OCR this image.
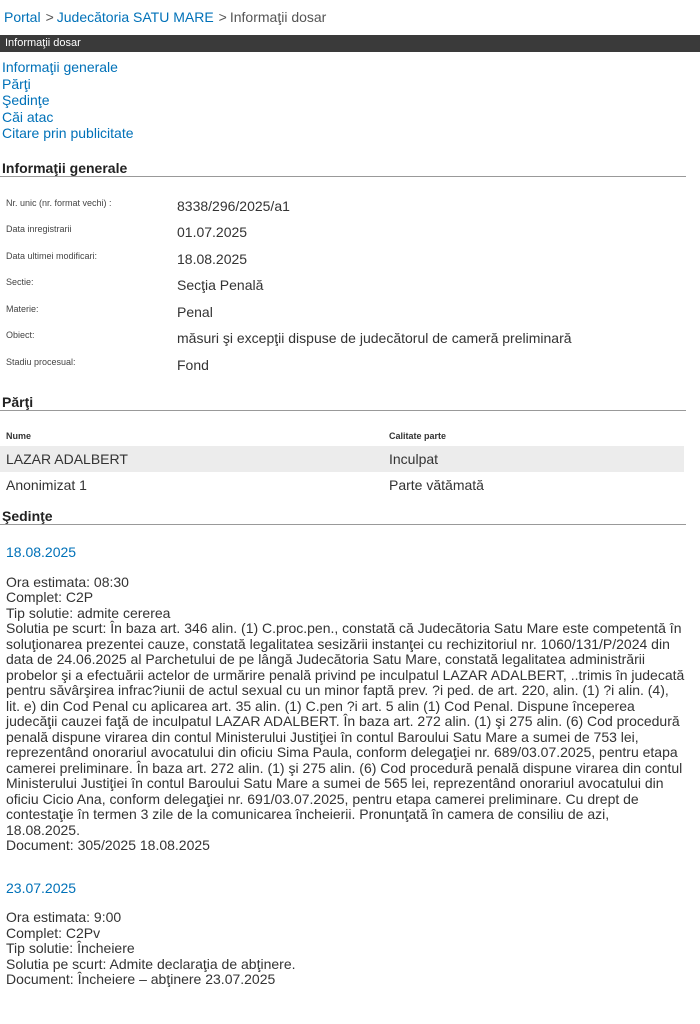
Portal > Judecătoria SATU MARE > Informaţii dosar
Informaţii dosar
Informaţii generale
Părţi
Şedinţe
Căi atac
Citare prin publicitate
Informaţii generale
Nr. unic (nr. format vechi) :	8338/296/2025/a1
Data inregistrarii	01.07.2025
Data ultimei modificari:	18.08.2025
Sectie:	Secţia Penală
Materie:	Penal
Obiect:	măsuri şi excepţii dispuse de judecătorul de cameră preliminară
Stadiu procesual:	Fond
Părţi
Nume	Calitate parte
LAZAR ADALBERT	Inculpat
Anonimizat 1	Parte vătămată
Şedinţe
18.08.2025
Ora estimata: 08:30
Complet: C2P
Tip solutie: admite cererea
Solutia pe scurt: În baza art. 346 alin. (1) C.proc.pen., constată că Judecătoria Satu Mare este competentă în soluţionarea prezentei cauze, constată legalitatea sesizării instanţei cu rechizitoriul nr. 1060/131/P/2024 din data de 24.06.2025 al Parchetului de pe lângă Judecătoria Satu Mare, constată legalitatea administrării probelor şi a efectuării actelor de urmărire penală privind pe inculpatul LAZAR ADALBERT, ..trimis în judecată pentru săvârşirea infrac?iunii de actul sexual cu un minor faptă prev. ?i ped. de art. 220, alin. (1) ?i alin. (4), lit. e) din Cod Penal cu aplicarea art. 35 alin. (1) C.pen ?i art. 5 alin (1) Cod Penal. Dispune începerea judecăţii cauzei faţă de inculpatul LAZAR ADALBERT. În baza art. 272 alin. (1) şi 275 alin. (6) Cod procedură penală dispune virarea din contul Ministerului Justiţiei în contul Baroului Satu Mare a sumei de 753 lei, reprezentând onorariul avocatului din oficiu Sima Paula, conform delegaţiei nr. 689/03.07.2025, pentru etapa camerei preliminare. În baza art. 272 alin. (1) şi 275 alin. (6) Cod procedură penală dispune virarea din contul Ministerului Justiţiei în contul Baroului Satu Mare a sumei de 565 lei, reprezentând onorariul avocatului din oficiu Cicio Ana, conform delegaţiei nr. 691/03.07.2025, pentru etapa camerei preliminare. Cu drept de contestaţie în termen 3 zile de la comunicarea încheierii. Pronunţată în camera de consiliu de azi, 18.08.2025.
Document: 305/2025 18.08.2025
23.07.2025
Ora estimata: 9:00
Complet: C2Pv
Tip solutie: Încheiere
Solutia pe scurt: Admite declaraţia de abţinere.
Document: Încheiere – abţinere 23.07.2025
